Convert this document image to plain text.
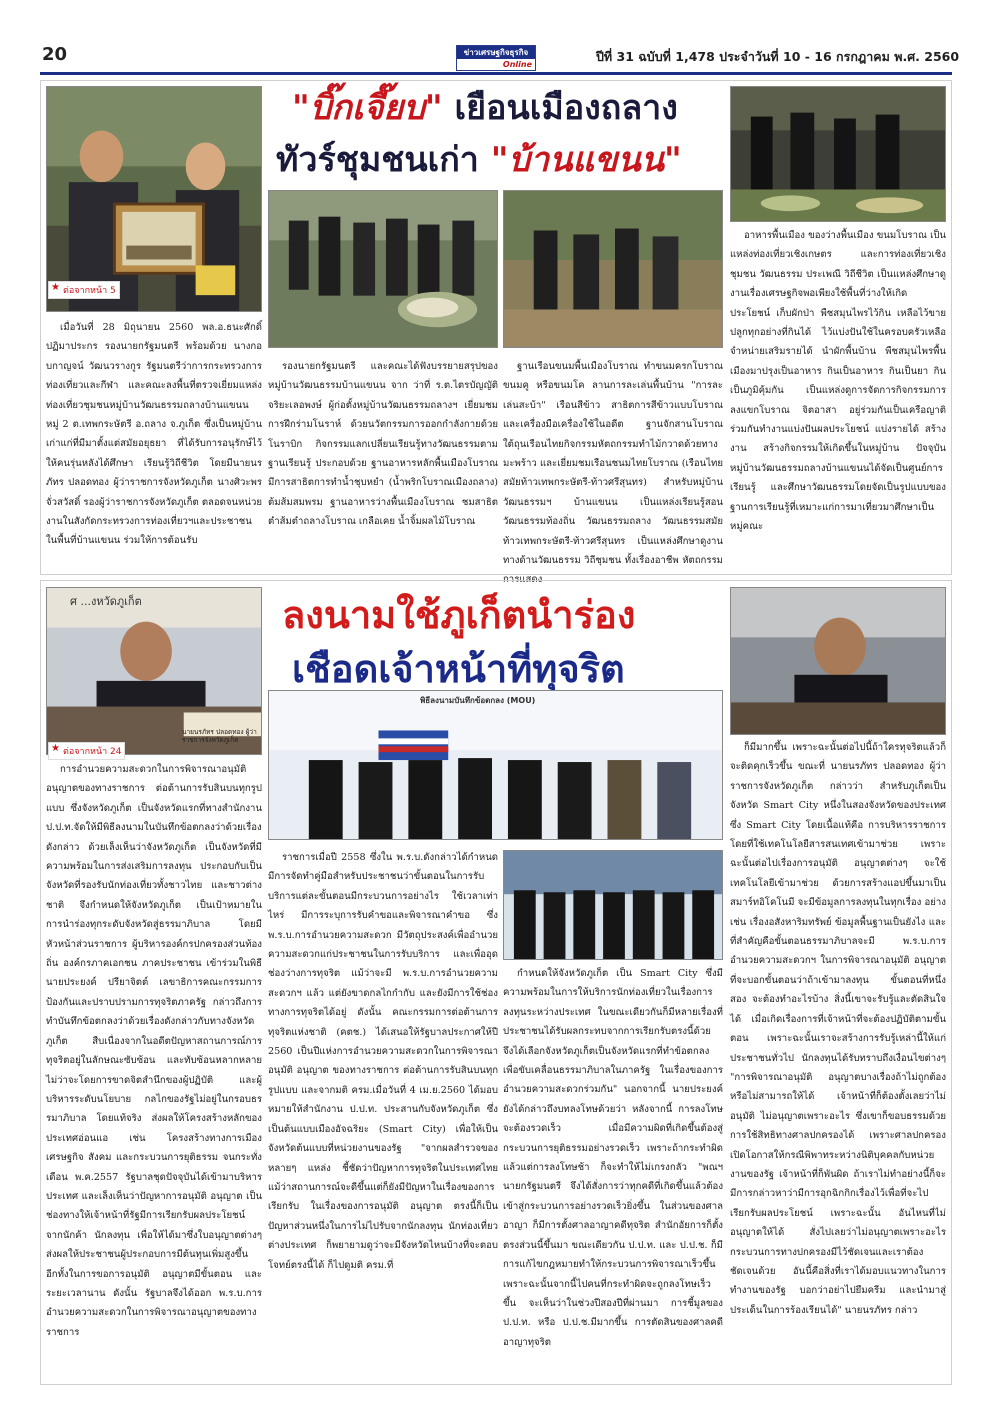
20	ข่าวเศรษฐกิจธุรกิจ
Online
ปีที่ 31 ฉบับที่ 1,478 ประจำวันที่ 10 - 16 กรกฎาคม พ.ศ. 2560
"บิ๊กเจี๊ยบ" เยือนเมืองถลาง
ทัวร์ชุมชนเก่า "บ้านแขนน"
★ ต่อจากหน้า 5

เมื่อวันที่ 28 มิถุนายน 2560 พล.อ.ธนะศักดิ์ ปฏิมาประกร รองนายกรัฐมนตรี พร้อมด้วย นางกอบกาญจน์ วัฒนวรางกูร รัฐมนตรีว่าการกระทรวงการท่องเที่ยวและกีฬา และคณะลงพื้นที่ตรวจเยี่ยมแหล่งท่องเที่ยวชุมชนหมู่บ้านวัฒนธรรมถลางบ้านแขนน หมู่ 2 ต.เทพกระษัตรี อ.ถลาง จ.ภูเก็ต ซึ่งเป็นหมู่บ้านเก่าแก่ที่มีมาตั้งแต่สมัยอยุธยา ที่ได้รับการอนุรักษ์ไว้ให้คนรุ่นหลังได้ศึกษา เรียนรู้วิถีชีวิต โดยมีนายนรภัทร ปลอดทอง ผู้ว่าราชการจังหวัดภูเก็ต นางศิวะพร จั่วสวัสดิ์ รองผู้ว่าราชการจังหวัดภูเก็ต ตลอดจนหน่วยงานในสังกัดกระทรวงการท่องเที่ยวฯและประชาชนในพื้นที่บ้านแขนน ร่วมให้การต้อนรับ

รองนายกรัฐมนตรี และคณะได้ฟังบรรยายสรุปของหมู่บ้านวัฒนธรรมบ้านแขนน จาก ว่าที่ ร.ต.ไตรบัญญัติ จริยะเลอพงษ์ ผู้ก่อตั้งหมู่บ้านวัฒนธรรมถลางฯ เยี่ยมชมการฝึกร่ามโนราห์ ด้วยนวัตกรรมการออกกำลังกายด้วยโนราบิก กิจกรรมแลกเปลี่ยนเรียนรู้ทางวัฒนธรรมตามฐานเรียนรู้ ประกอบด้วย ฐานอาหารหลักพื้นเมืองโบราณ มีการสาธิตการทำน้ำชุบหยำ (น้ำพริกโบราณเมืองถลาง) ต้มส้มสมพรม ฐานอาหารว่างพื้นเมืองโบราณ ชมสาธิตตำส้มตำถลางโบราณ เกลือเคย น้ำจิ้มผลไม้โบราณ

ฐานเรือนขนมพื้นเมืองโบราณ ทำขนมครกโบราณ ขนมคู หรือขนมโค ลานการละเล่นพื้นบ้าน "การละเล่นสะบ้า" เรือนสีข้าว สาธิตการสีข้าวแบบโบราณ และเครื่องมือเครื่องใช้ในอดีต ฐานจักสานโบราณ ใต้ถุนเรือนไทยกิจกรรมหัตถกรรมทำไม้กวาดด้วยทางมะพร้าว และเยี่ยมชมเรือนชนมไทยโบราณ (เรือนไทยสมัยท้าวเทพกระษัตรี-ท้าวศรีสุนทร) สำหรับหมู่บ้านวัฒนธรรมฯ บ้านแขนน เป็นแหล่งเรียนรู้สอนวัฒนธรรมท้องถิ่น วัฒนธรรมถลาง วัฒนธรรมสมัยท้าวเทพกระษัตรี-ท้าวศรีสุนทร เป็นแหล่งศึกษาดูงานทางด้านวัฒนธรรม วิถีชุมชน ทั้งเรื่องอาชีพ หัตถกรรม การแสดง

อาหารพื้นเมือง ของว่างพื้นเมือง ขนมโบราณ เป็นแหล่งท่องเที่ยวเชิงเกษตร และการท่องเที่ยวเชิงชุมชน วัฒนธรรม ประเพณี วิถีชีวิต เป็นแหล่งศึกษาดูงานเรื่องเศรษฐกิจพอเพียงใช้พื้นที่ว่างให้เกิดประโยชน์ เก็บผักป่า พืชสมุนไพรไว้กิน เหลือไว้ขาย ปลูกทุกอย่างที่กินได้ ไว้แบ่งปันใช้ในครอบครัวเหลือจำหน่ายเสริมรายได้ นำผักพื้นบ้าน พืชสมุนไพรพื้นเมืองมาปรุงเป็นอาหาร กินเป็นอาหาร กินเป็นยา กินเป็นภูมิคุ้มกัน เป็นแหล่งดูการจัดการกิจกรรมการลงแขกโบราณ จิตอาสา อยู่ร่วมกันเป็นเครือญาติ ร่วมกันทำงานแบ่งปันผลประโยชน์ แบ่งรายได้ สร้างงาน สร้างกิจกรรมให้เกิดขึ้นในหมู่บ้าน ปัจจุบัน หมู่บ้านวัฒนธรรมถลางบ้านแขนนได้จัดเป็นศูนย์การเรียนรู้ และศึกษาวัฒนธรรมโดยจัดเป็นรูปแบบของฐานการเรียนรู้ที่เหมาะแก่การมาเที่ยวมาศึกษาเป็นหมู่คณะ

ลงนามใช้ภูเก็ตนำร่อง
เชือดเจ้าหน้าที่ทุจริต
ศ ...งหวัดภูเก็ต
นายนรภัทร ปลอดทอง ผู้ว่าราชการจังหวัดภูเก็ต
★ ต่อจากหน้า 24
พิธีลงนามบันทึกข้อตกลง (MOU)

การอำนวยความสะดวกในการพิจารณาอนุมัติ อนุญาตของทางราชการ ต่อต้านการรับสินบนทุกรูปแบบ ซึ่งจังหวัดภูเก็ต เป็นจังหวัดแรกที่ทางสำนักงาน ป.ป.ท.จัดให้มีพิธีลงนามในบันทึกข้อตกลงว่าด้วยเรื่องดังกล่าว ด้วยเล็งเห็นว่าจังหวัดภูเก็ต เป็นจังหวัดที่มีความพร้อมในการส่งเสริมการลงทุน ประกอบกับเป็นจังหวัดที่รองรับนักท่องเที่ยวทั้งชาวไทย และชาวต่างชาติ จึงกำหนดให้จังหวัดภูเก็ต เป็นเป้าหมายในการนำร่องทุกระดับจังหวัดสู่ธรรมาภิบาล โดยมีหัวหน้าส่วนราชการ ผู้บริหารองค์กรปกครองส่วนท้องถิ่น องค์กรภาคเอกชน ภาคประชาชน เข้าร่วมในพิธี นายประยงค์ ปรียาจิตต์ เลขาธิการคณะกรรมการป้องกันและปราบปรามการทุจริตภาครัฐ กล่าวถึงการทำบันทึกข้อตกลงว่าด้วยเรื่องดังกล่าวกับทางจังหวัดภูเก็ต สืบเนื่องจากในอดีตปัญหาสถานการณ์การทุจริตอยู่ในลักษณะซับซ้อน และทับซ้อนหลากหลาย ไม่ว่าจะโดยการขาดจิตสำนึกของผู้ปฏิบัติ และผู้บริหารระดับนโยบาย กลไกของรัฐไม่อยู่ในกรอบธรรมาภิบาล โดยแท้จริง ส่งผลให้โครงสร้างหลักของประเทศอ่อนแอ เช่น โครงสร้างทางการเมือง เศรษฐกิจ สังคม และกระบวนการยุติธรรม จนกระทั่งเดือน พ.ค.2557 รัฐบาลชุดปัจจุบันได้เข้ามาบริหารประเทศ และเล็งเห็นว่าปัญหาการอนุมัติ อนุญาต เป็นช่องทางให้เจ้าหน้าที่รัฐมีการเรียกรับผลประโยชน์จากนักค้า นักลงทุน เพื่อให้ได้มาซึ่งใบอนุญาตต่างๆ ส่งผลให้ประชาชนผู้ประกอบการมีต้นทุนเพิ่มสูงขึ้น อีกทั้งในการขอการอนุมัติ อนุญาตมีขั้นตอน และระยะเวลานาน ดังนั้น รัฐบาลจึงได้ออก พ.ร.บ.การอำนวยความสะดวกในการพิจารณาอนุญาตของทางราชการ

ราชการเมื่อปี 2558 ซึ่งใน พ.ร.บ.ดังกล่าวได้กำหนดมีการจัดทำคู่มือสำหรับประชาชนว่าขั้นตอนในการรับบริการแต่ละขั้นตอนมีกระบวนการอย่างไร ใช้เวลาเท่าไหร่ มีการระบุการรับคำขอและพิจารณาคำขอ ซึ่ง พ.ร.บ.การอำนวยความสะดวก มีวัตถุประสงค์เพื่ออำนวยความสะดวกแก่ประชาชนในการรับบริการ และเพื่ออุดช่องว่างการทุจริต แม้ว่าจะมี พ.ร.บ.การอำนวยความสะดวกฯ แล้ว แต่ยังขาดกลไกกำกับ และยังมีการใช้ช่องทางการทุจริตได้อยู่ ดังนั้น คณะกรรมการต่อต้านการทุจริตแห่งชาติ (คตช.) ได้เสนอให้รัฐบาลประกาศให้ปี 2560 เป็นปีแห่งการอำนวยความสะดวกในการพิจารณาอนุมัติ อนุญาต ของทางราชการ ต่อต้านการรับสินบนทุกรูปแบบ และจากมติ ครม.เมื่อวันที่ 4 เม.ย.2560 ได้มอบหมายให้สำนักงาน ป.ป.ท. ประสานกับจังหวัดภูเก็ต ซึ่งเป็นต้นแบบเมืองอัจฉริยะ (Smart City) เพื่อให้เป็นจังหวัดต้นแบบที่หน่วยงานของรัฐ "จากผลสำรวจของหลายๆ แหล่ง ชี้ชัดว่าปัญหาการทุจริตในประเทศไทย แม้ว่าสถานการณ์จะดีขึ้นแต่ก็ยังมีปัญหาในเรื่องของการเรียกรับ ในเรื่องของการอนุมัติ อนุญาต ตรงนี้ก็เป็นปัญหาส่วนหนึ่งในการไม่ไปรับจากนักลงทุน นักท่องเที่ยวต่างประเทศ ก็พยายามดูว่าจะมีจังหวัดไหนบ้างที่จะตอบโจทย์ตรงนี้ได้ ก็ไปดูมติ ครม.ที่

กำหนดให้จังหวัดภูเก็ต เป็น Smart City ซึ่งมีความพร้อมในการให้บริการนักท่องเที่ยวในเรื่องการลงทุนระหว่างประเทศ ในขณะเดียวกันก็มีหลายเรื่องที่ประชาชนได้รับผลกระทบจากการเรียกรับตรงนี้ด้วย จึงได้เลือกจังหวัดภูเก็ตเป็นจังหวัดแรกที่ทำข้อตกลงเพื่อขับเคลื่อนธรรมาภิบาลในภาครัฐ ในเรื่องของการอำนวยความสะดวกร่วมกัน" นอกจากนี้ นายประยงค์ ยังได้กล่าวถึงบทลงโทษด้วยว่า หลังจากนี้ การลงโทษจะต้องรวดเร็ว เมื่อมีความผิดที่เกิดขึ้นต้องสู่กระบวนการยุติธรรมอย่างรวดเร็ว เพราะถ้ากระทำผิดแล้วแต่การลงโทษช้า ก็จะทำให้ไม่เกรงกลัว "พณฯ นายกรัฐมนตรี จึงได้สั่งการว่าทุกคดีที่เกิดขึ้นแล้วต้องเข้าสู่กระบวนการอย่างรวดเร็วยิ่งขึ้น ในส่วนของศาลอาญา ก็มีการตั้งศาลอาญาคดีทุจริต สำนักอัยการก็ตั้งตรงส่วนนี้ขึ้นมา ขณะเดียวกัน ป.ป.ท. และ ป.ป.ช. ก็มีการแก้ไขกฎหมายทำให้กระบวนการพิจารณาเร็วขึ้น เพราะฉะนั้นจากนี้ไปคนที่กระทำผิดจะถูกลงโทษเร็วขึ้น จะเห็นว่าในช่วงปีสองปีที่ผ่านมา การชี้มูลของ ป.ป.ท. หรือ ป.ป.ช.มีมากขึ้น การตัดสินของศาลคดีอาญาทุจริต

ก็มีมากขึ้น เพราะฉะนั้นต่อไปนี้ถ้าใครทุจริตแล้วก็จะติดคุกเร็วขึ้น ขณะที่ นายนรภัทร ปลอดทอง ผู้ว่าราชการจังหวัดภูเก็ต กล่าวว่า สำหรับภูเก็ตเป็นจังหวัด Smart City หนึ่งในสองจังหวัดของประเทศ ซึ่ง Smart City โดยเนื้อแท้คือ การบริหารราชการโดยที่ใช้เทคโนโลยีสารสนเทศเข้ามาช่วย เพราะฉะนั้นต่อไปเรื่องการอนุมัติ อนุญาตต่างๆ จะใช้เทคโนโลยีเข้ามาช่วย ด้วยการสร้างแอปขึ้นมาเป็นสมาร์ทอิโคโนมี จะมีข้อมูลการลงทุนในทุกเรื่อง อย่างเช่น เรื่องอสังหาริมทรัพย์ ข้อมูลพื้นฐานเป็นยังไง และที่สำคัญคือขั้นตอนธรรมาภิบาลจะมี พ.ร.บ.การอำนวยความสะดวกฯ ในการพิจารณาอนุมัติ อนุญาต ที่จะบอกขั้นตอนว่าถ้าเข้ามาลงทุน ขั้นตอนที่หนึ่ง สอง จะต้องทำอะไรบ้าง สิ่งนี้เขาจะรับรู้และตัดสินใจได้ เมื่อเกิดเรื่องการที่เจ้าหน้าที่จะต้องปฏิบัติตามขั้นตอน เพราะฉะนั้นเราจะสร้างการรับรู้เหล่านี้ให้แก่ประชาชนทั่วไป นักลงทุนได้รับทราบถึงเงื่อนไขต่างๆ "การพิจารณาอนุมัติ อนุญาตบางเรื่องถ้าไม่ถูกต้อง หรือไม่สามารถให้ได้ เจ้าหน้าที่ก็ต้องตั้งเลยว่าไม่อนุมัติ ไม่อนุญาตเพราะอะไร ซึ่งเขาก็ขอบธรรมด้วยการใช้สิทธิทางศาลปกครองได้ เพราะศาลปกครองเปิดโอกาสให้กรณีพิพาทระหว่างนิติบุคคลกับหน่วยงานของรัฐ เจ้าหน้าที่ก็พันผิด ถ้าเราไม่ทำอย่างนี้ก็จะมีการกล่าวหาว่ามีการอุกฉิกกิกเรื่องไว้เพื่อที่จะไปเรียกรับผลประโยชน์ เพราะฉะนั้น อันไหนที่ไม่อนุญาตให้ได้ สั่งไปเลยว่าไม่อนุญาตเพราะอะไร กระบวนการทางปกครองมีไว้ชัดเจนและเราต้องชัดเจนด้วย อันนี้คือสิ่งที่เราได้มอบแนวทางในการทำงานของรัฐ บอกว่าอย่าไปยึมครีม และนำมาสู่ประเด็นในการร้องเรียนได้" นายนรภัทร กล่าว
